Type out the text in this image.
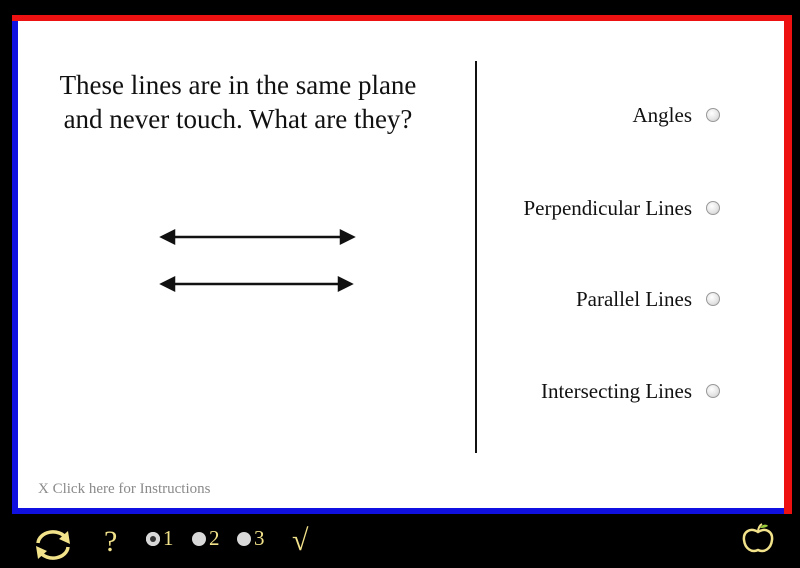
These lines are in the same plane
and never touch. What are they?	Angles
Perpendicular Lines
Parallel Lines
Intersecting Lines
X Click here for Instructions
? 1 2 3 √
